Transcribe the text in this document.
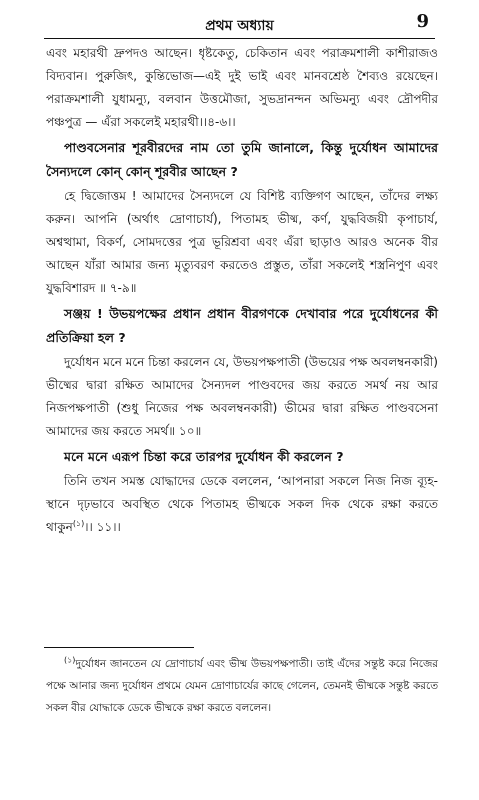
প্রথম অধ্যায়	9

এবং মহারথী দ্রুপদও আছেন। ধৃষ্টকেতু, চেকিতান এবং পরাক্রমশালী কাশীরাজও বিদ্যবান। পুরুজিৎ, কুন্তিভোজ—এই দুই ভাই এবং মানবশ্রেষ্ঠ শৈব্যও রয়েছেন। পরাক্রমশালী যুধামন্যু, বলবান উত্তমৌজা, সুভদ্রানন্দন অভিমন্যু এবং দ্রৌপদীর পঞ্চপুত্র — এঁরা সকলেই মহারথী।।৪-৬।।

পাণ্ডবসেনার শূরবীরদের নাম তো তুমি জানালে, কিন্তু দুর্যোধন আমাদের সৈন্যদলে কোন্ কোন্ শূরবীর আছেন ?

হে দ্বিজোত্তম ! আমাদের সৈন্যদলে যে বিশিষ্ট ব্যক্তিগণ আছেন, তাঁদের লক্ষ্য করুন। আপনি (অর্থাৎ দ্রোণাচার্য), পিতামহ ভীষ্ম, কর্ণ, যুদ্ধবিজয়ী কৃপাচার্য, অশ্বত্থামা, বিকর্ণ, সোমদত্তের পুত্র ভূরিশ্রবা এবং এঁরা ছাড়াও আরও অনেক বীর আছেন যাঁরা আমার জন্য মৃত্যুবরণ করতেও প্রস্তুত, তাঁরা সকলেই শস্ত্রনিপুণ এবং যুদ্ধবিশারদ ॥ ৭-৯॥

সঞ্জয় ! উভয়পক্ষের প্রধান প্রধান বীরগণকে দেখাবার পরে দুর্যোধনের কী প্রতিক্রিয়া হল ?

দুর্যোধন মনে মনে চিন্তা করলেন যে, উভয়পক্ষপাতী (উভয়ের পক্ষ অবলম্বনকারী) ভীষ্মের দ্বারা রক্ষিত আমাদের সৈন্যদল পাণ্ডবদের জয় করতে সমর্থ নয় আর নিজপক্ষপাতী (শুধু নিজের পক্ষ অবলম্বনকারী) ভীমের দ্বারা রক্ষিত পাণ্ডবসেনা আমাদের জয় করতে সমর্থ॥ ১০॥

মনে মনে এরূপ চিন্তা করে তারপর দুর্যোধন কী করলেন ?

তিনি তখন সমস্ত যোদ্ধাদের ডেকে বললেন, ‘আপনারা সকলে নিজ নিজ ব্যূহ-স্থানে দৃঢ়ভাবে অবস্থিত থেকে পিতামহ ভীষ্মকে সকল দিক থেকে রক্ষা করতে থাকুন$^{(১)}$।। ১১।।

$^{(১)}$দুর্যোধন জানতেন যে দ্রোণাচার্য এবং ভীষ্ম উভয়পক্ষপাতী। তাই এঁদের সন্তুষ্ট করে নিজের পক্ষে আনার জন্য দুর্যোধন প্রথমে যেমন দ্রোণাচার্যের কাছে গেলেন, তেমনই ভীষ্মকে সন্তুষ্ট করতে সকল বীর যোদ্ধাকে ডেকে ভীষ্মকে রক্ষা করতে বললেন।
